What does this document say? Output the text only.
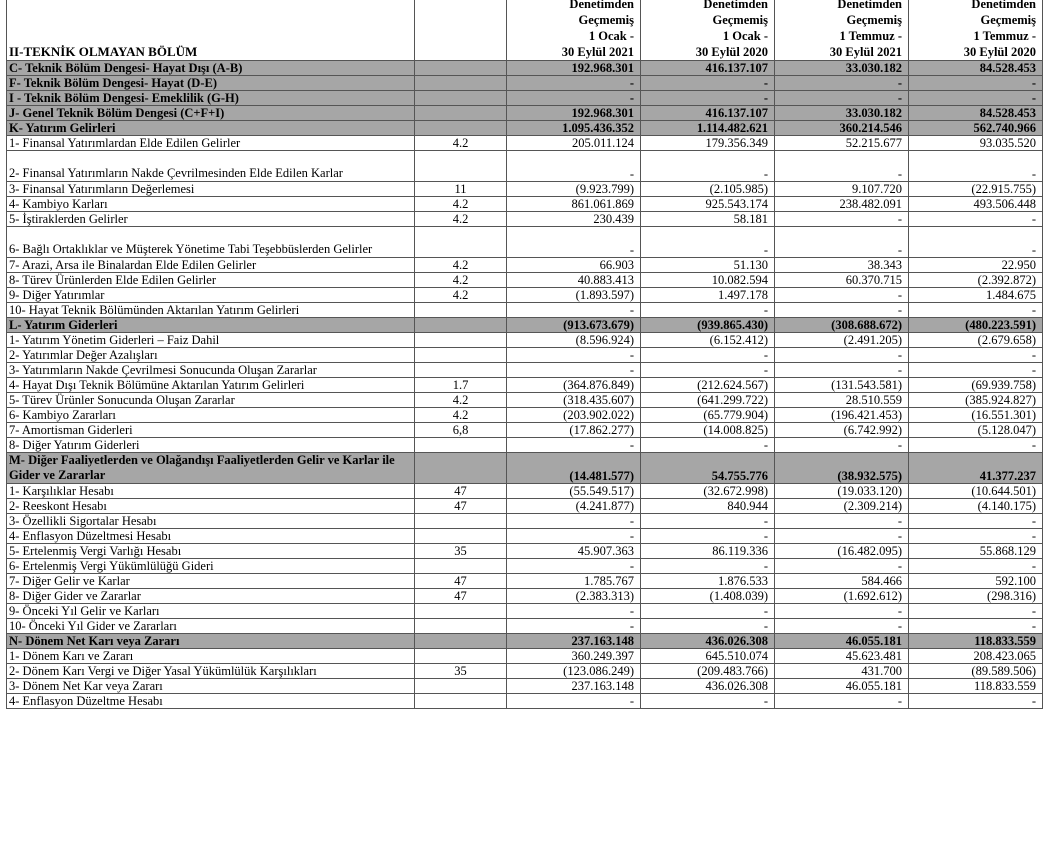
II-TEKNİK OLMAYAN BÖLÜM		Denetimden
Geçmemiş
1 Ocak -
30 Eylül 2021	Denetimden
Geçmemiş
1 Ocak -
30 Eylül 2020	Denetimden
Geçmemiş
1 Temmuz -
30 Eylül 2021	Denetimden
Geçmemiş
1 Temmuz -
30 Eylül 2020

C- Teknik Bölüm Dengesi- Hayat Dışı (A-B)		192.968.301	416.137.107	33.030.182	84.528.453
F- Teknik Bölüm Dengesi- Hayat (D-E)		-	-	-	-
I - Teknik Bölüm Dengesi- Emeklilik (G-H)		-	-	-	-
J- Genel Teknik Bölüm Dengesi (C+F+I)		192.968.301	416.137.107	33.030.182	84.528.453
K- Yatırım Gelirleri		1.095.436.352	1.114.482.621	360.214.546	562.740.966
1- Finansal Yatırımlardan Elde Edilen Gelirler	4.2	205.011.124	179.356.349	52.215.677	93.035.520
2- Finansal Yatırımların Nakde Çevrilmesinden Elde Edilen Karlar		-	-	-	-
3- Finansal Yatırımların Değerlemesi	11	(9.923.799)	(2.105.985)	9.107.720	(22.915.755)
4- Kambiyo Karları	4.2	861.061.869	925.543.174	238.482.091	493.506.448
5- İştiraklerden Gelirler	4.2	230.439	58.181	-	-
6- Bağlı Ortaklıklar ve Müşterek Yönetime Tabi Teşebbüslerden Gelirler		-	-	-	-
7- Arazi, Arsa ile Binalardan Elde Edilen Gelirler	4.2	66.903	51.130	38.343	22.950
8- Türev Ürünlerden Elde Edilen Gelirler	4.2	40.883.413	10.082.594	60.370.715	(2.392.872)
9- Diğer Yatırımlar	4.2	(1.893.597)	1.497.178	-	1.484.675
10- Hayat Teknik Bölümünden Aktarılan Yatırım Gelirleri		-	-	-	-
L- Yatırım Giderleri		(913.673.679)	(939.865.430)	(308.688.672)	(480.223.591)
1- Yatırım Yönetim Giderleri – Faiz Dahil		(8.596.924)	(6.152.412)	(2.491.205)	(2.679.658)
2- Yatırımlar Değer Azalışları		-	-	-	-
3- Yatırımların Nakde Çevrilmesi Sonucunda Oluşan Zararlar		-	-	-	-
4- Hayat Dışı Teknik Bölümüne Aktarılan Yatırım Gelirleri	1.7	(364.876.849)	(212.624.567)	(131.543.581)	(69.939.758)
5- Türev Ürünler Sonucunda Oluşan Zararlar	4.2	(318.435.607)	(641.299.722)	28.510.559	(385.924.827)
6- Kambiyo Zararları	4.2	(203.902.022)	(65.779.904)	(196.421.453)	(16.551.301)
7- Amortisman Giderleri	6,8	(17.862.277)	(14.008.825)	(6.742.992)	(5.128.047)
8- Diğer Yatırım Giderleri		-	-	-	-
M- Diğer Faaliyetlerden ve Olağandışı Faaliyetlerden Gelir ve Karlar ile Gider ve Zararlar		(14.481.577)	54.755.776	(38.932.575)	41.377.237
1- Karşılıklar Hesabı	47	(55.549.517)	(32.672.998)	(19.033.120)	(10.644.501)
2- Reeskont Hesabı	47	(4.241.877)	840.944	(2.309.214)	(4.140.175)
3- Özellikli Sigortalar Hesabı		-	-	-	-
4- Enflasyon Düzeltmesi Hesabı		-	-	-	-
5- Ertelenmiş Vergi Varlığı Hesabı	35	45.907.363	86.119.336	(16.482.095)	55.868.129
6- Ertelenmiş Vergi Yükümlülüğü Gideri		-	-	-	-
7- Diğer Gelir ve Karlar	47	1.785.767	1.876.533	584.466	592.100
8- Diğer Gider ve Zararlar	47	(2.383.313)	(1.408.039)	(1.692.612)	(298.316)
9- Önceki Yıl Gelir ve Karları		-	-	-	-
10- Önceki Yıl Gider ve Zararları		-	-	-	-
N- Dönem Net Karı veya Zararı		237.163.148	436.026.308	46.055.181	118.833.559
1- Dönem Karı ve Zararı		360.249.397	645.510.074	45.623.481	208.423.065
2- Dönem Karı Vergi ve Diğer Yasal Yükümlülük Karşılıkları	35	(123.086.249)	(209.483.766)	431.700	(89.589.506)
3- Dönem Net Kar veya Zararı		237.163.148	436.026.308	46.055.181	118.833.559
4- Enflasyon Düzeltme Hesabı		-	-	-	-
